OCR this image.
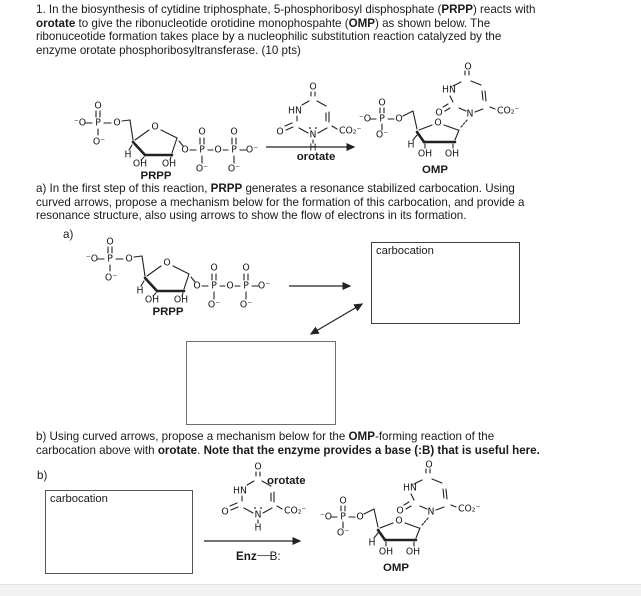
1. In the biosynthesis of cytidine triphosphate, 5-phosphoribosyl disphosphate (PRPP) reacts with
orotate to give the ribonucleotide orotidine monophospahte (OMP) as shown below. The
ribonuceotide formation takes place by a nucleophilic substitution reaction catalyzed by the
enzyme orotate phosphoribosyltransferase. (10 pts)
⁻O P
O
O⁻
O	O
H
OH OH
O P
O
O⁻
O P
O
O⁻
O⁻
PRPP
O
HN
O	N
H
CO₂⁻
orotate
⁻O P
O
O⁻
O	O
H
OH OH
N
HN
O
O	CO₂⁻
OMP
a) In the first step of this reaction, PRPP generates a resonance stabilized carbocation. Using
curved arrows, propose a mechanism below for the formation of this carbocation, and provide a
resonance structure, also using arrows to show the flow of electrons in its formation.
a)
⁻O P
O
O⁻
O	O
H
OH OH
O P
O
O⁻
O P
O
O⁻
O⁻
PRPP
carbocation
b) Using curved arrows, propose a mechanism below for the OMP-forming reaction of the
carbocation above with orotate. Note that the enzyme provides a base (:B) that is useful here.
b)
carbocation
O
HN
O	N
H
CO₂⁻
orotate
Enz~~~B:
⁻O P
O
O⁻
O	O
H
OH OH
N
HN
O
O	CO₂⁻
OMP
